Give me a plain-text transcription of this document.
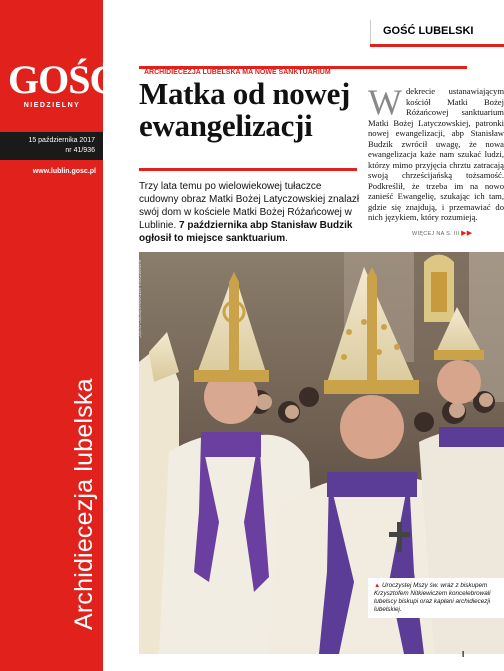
GOŚĆ
NIEDZIELNY
15 października 2017
nr 41/936
www.lublin.gosc.pl
Archidiecezja lubelska
GOŚĆ LUBELSKI
ARCHIDIECEZJA LUBELSKA MA NOWE SANKTUARIUM
Matka od nowej ewangelizacji
Trzy lata temu po wielowiekowej tułaczce cudowny obraz Matki Bożej Latyczowskiej znalazł swój dom w kościele Matki Bożej Różańcowej w Lublinie. 7 października abp Stanisław Budzik ogłosił to miejsce sanktuarium.
Wdekrecie ustanawiającym kościół Matki Bożej Różańcowej sanktuarium Matki Bożej Latyczowskiej, patronki nowej ewangelizacji, abp Stanisław Budzik zwrócił uwagę, że nowa ewangelizacja każe nam szukać ludzi, którzy mimo przyjęcia chrztu zatracają swoją chrześcijańską tożsamość. Podkreślił, że trzeba im na nowo zanieść Ewangelię, szukając ich tam, gdzie się znajdują, i przemawiać do nich językiem, który rozumieją.
WIĘCEJ NA S. III ▶▶
KATARZYNA ARTYMIAK/FOTO GOŚĆ
▲ Uroczystej Mszy św. wraz z biskupem Krzysztofem Nitkiewiczem koncelebrowali lubelscy biskupi oraz kapłani archidiecezji lubelskiej.
I
